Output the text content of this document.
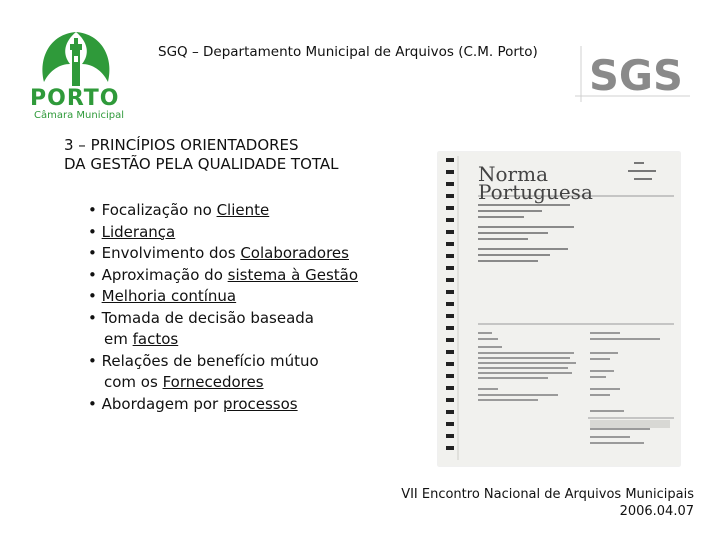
PORTO
Câmara Municipal
SGQ – Departamento Municipal de Arquivos (C.M. Porto) SGS
3 – PRINCÍPIOS ORIENTADORES
DA GESTÃO PELA QUALIDADE TOTAL
• Focalização no Cliente
• Liderança
• Envolvimento dos Colaboradores
• Aproximação do sistema à Gestão
• Melhoria contínua
• Tomada de decisão baseada
em factos
• Relações de benefício mútuo
com os Fornecedores
• Abordagem por processos
Norma
Portuguesa
VII Encontro Nacional de Arquivos Municipais
2006.04.07
